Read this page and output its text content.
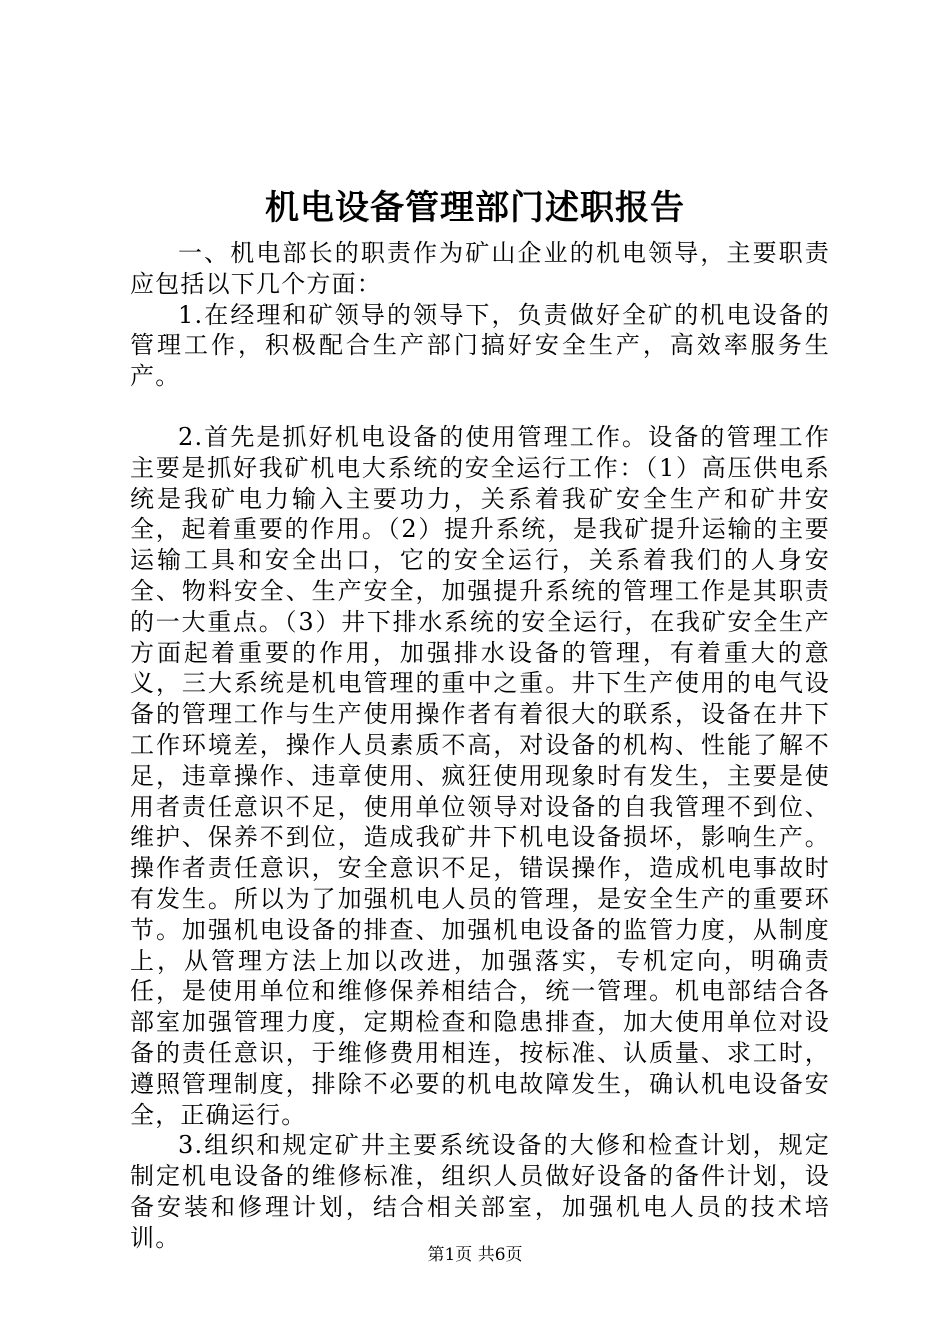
机电设备管理部门述职报告

一、机电部长的职责作为矿山企业的机电领导，主要职责应包括以下几个方面：

1.在经理和矿领导的领导下，负责做好全矿的机电设备的管理工作，积极配合生产部门搞好安全生产，高效率服务生产。

2.首先是抓好机电设备的使用管理工作。设备的管理工作主要是抓好我矿机电大系统的安全运行工作：（1）高压供电系统是我矿电力输入主要功力，关系着我矿安全生产和矿井安全，起着重要的作用。（2）提升系统，是我矿提升运输的主要运输工具和安全出口，它的安全运行，关系着我们的人身安全、物料安全、生产安全，加强提升系统的管理工作是其职责的一大重点。（3）井下排水系统的安全运行，在我矿安全生产方面起着重要的作用，加强排水设备的管理，有着重大的意义，三大系统是机电管理的重中之重。井下生产使用的电气设备的管理工作与生产使用操作者有着很大的联系，设备在井下工作环境差，操作人员素质不高，对设备的机构、性能了解不足，违章操作、违章使用、疯狂使用现象时有发生，主要是使用者责任意识不足，使用单位领导对设备的自我管理不到位、维护、保养不到位，造成我矿井下机电设备损坏，影响生产。操作者责任意识，安全意识不足，错误操作，造成机电事故时有发生。所以为了加强机电人员的管理，是安全生产的重要环节。加强机电设备的排查、加强机电设备的监管力度，从制度上，从管理方法上加以改进，加强落实，专机定向，明确责任，是使用单位和维修保养相结合，统一管理。机电部结合各部室加强管理力度，定期检查和隐患排查，加大使用单位对设备的责任意识，于维修费用相连，按标准、认质量、求工时，遵照管理制度，排除不必要的机电故障发生，确认机电设备安全，正确运行。

3.组织和规定矿井主要系统设备的大修和检查计划，规定制定机电设备的维修标准，组织人员做好设备的备件计划，设备安装和修理计划，结合相关部室，加强机电人员的技术培训。

第1页 共6页
